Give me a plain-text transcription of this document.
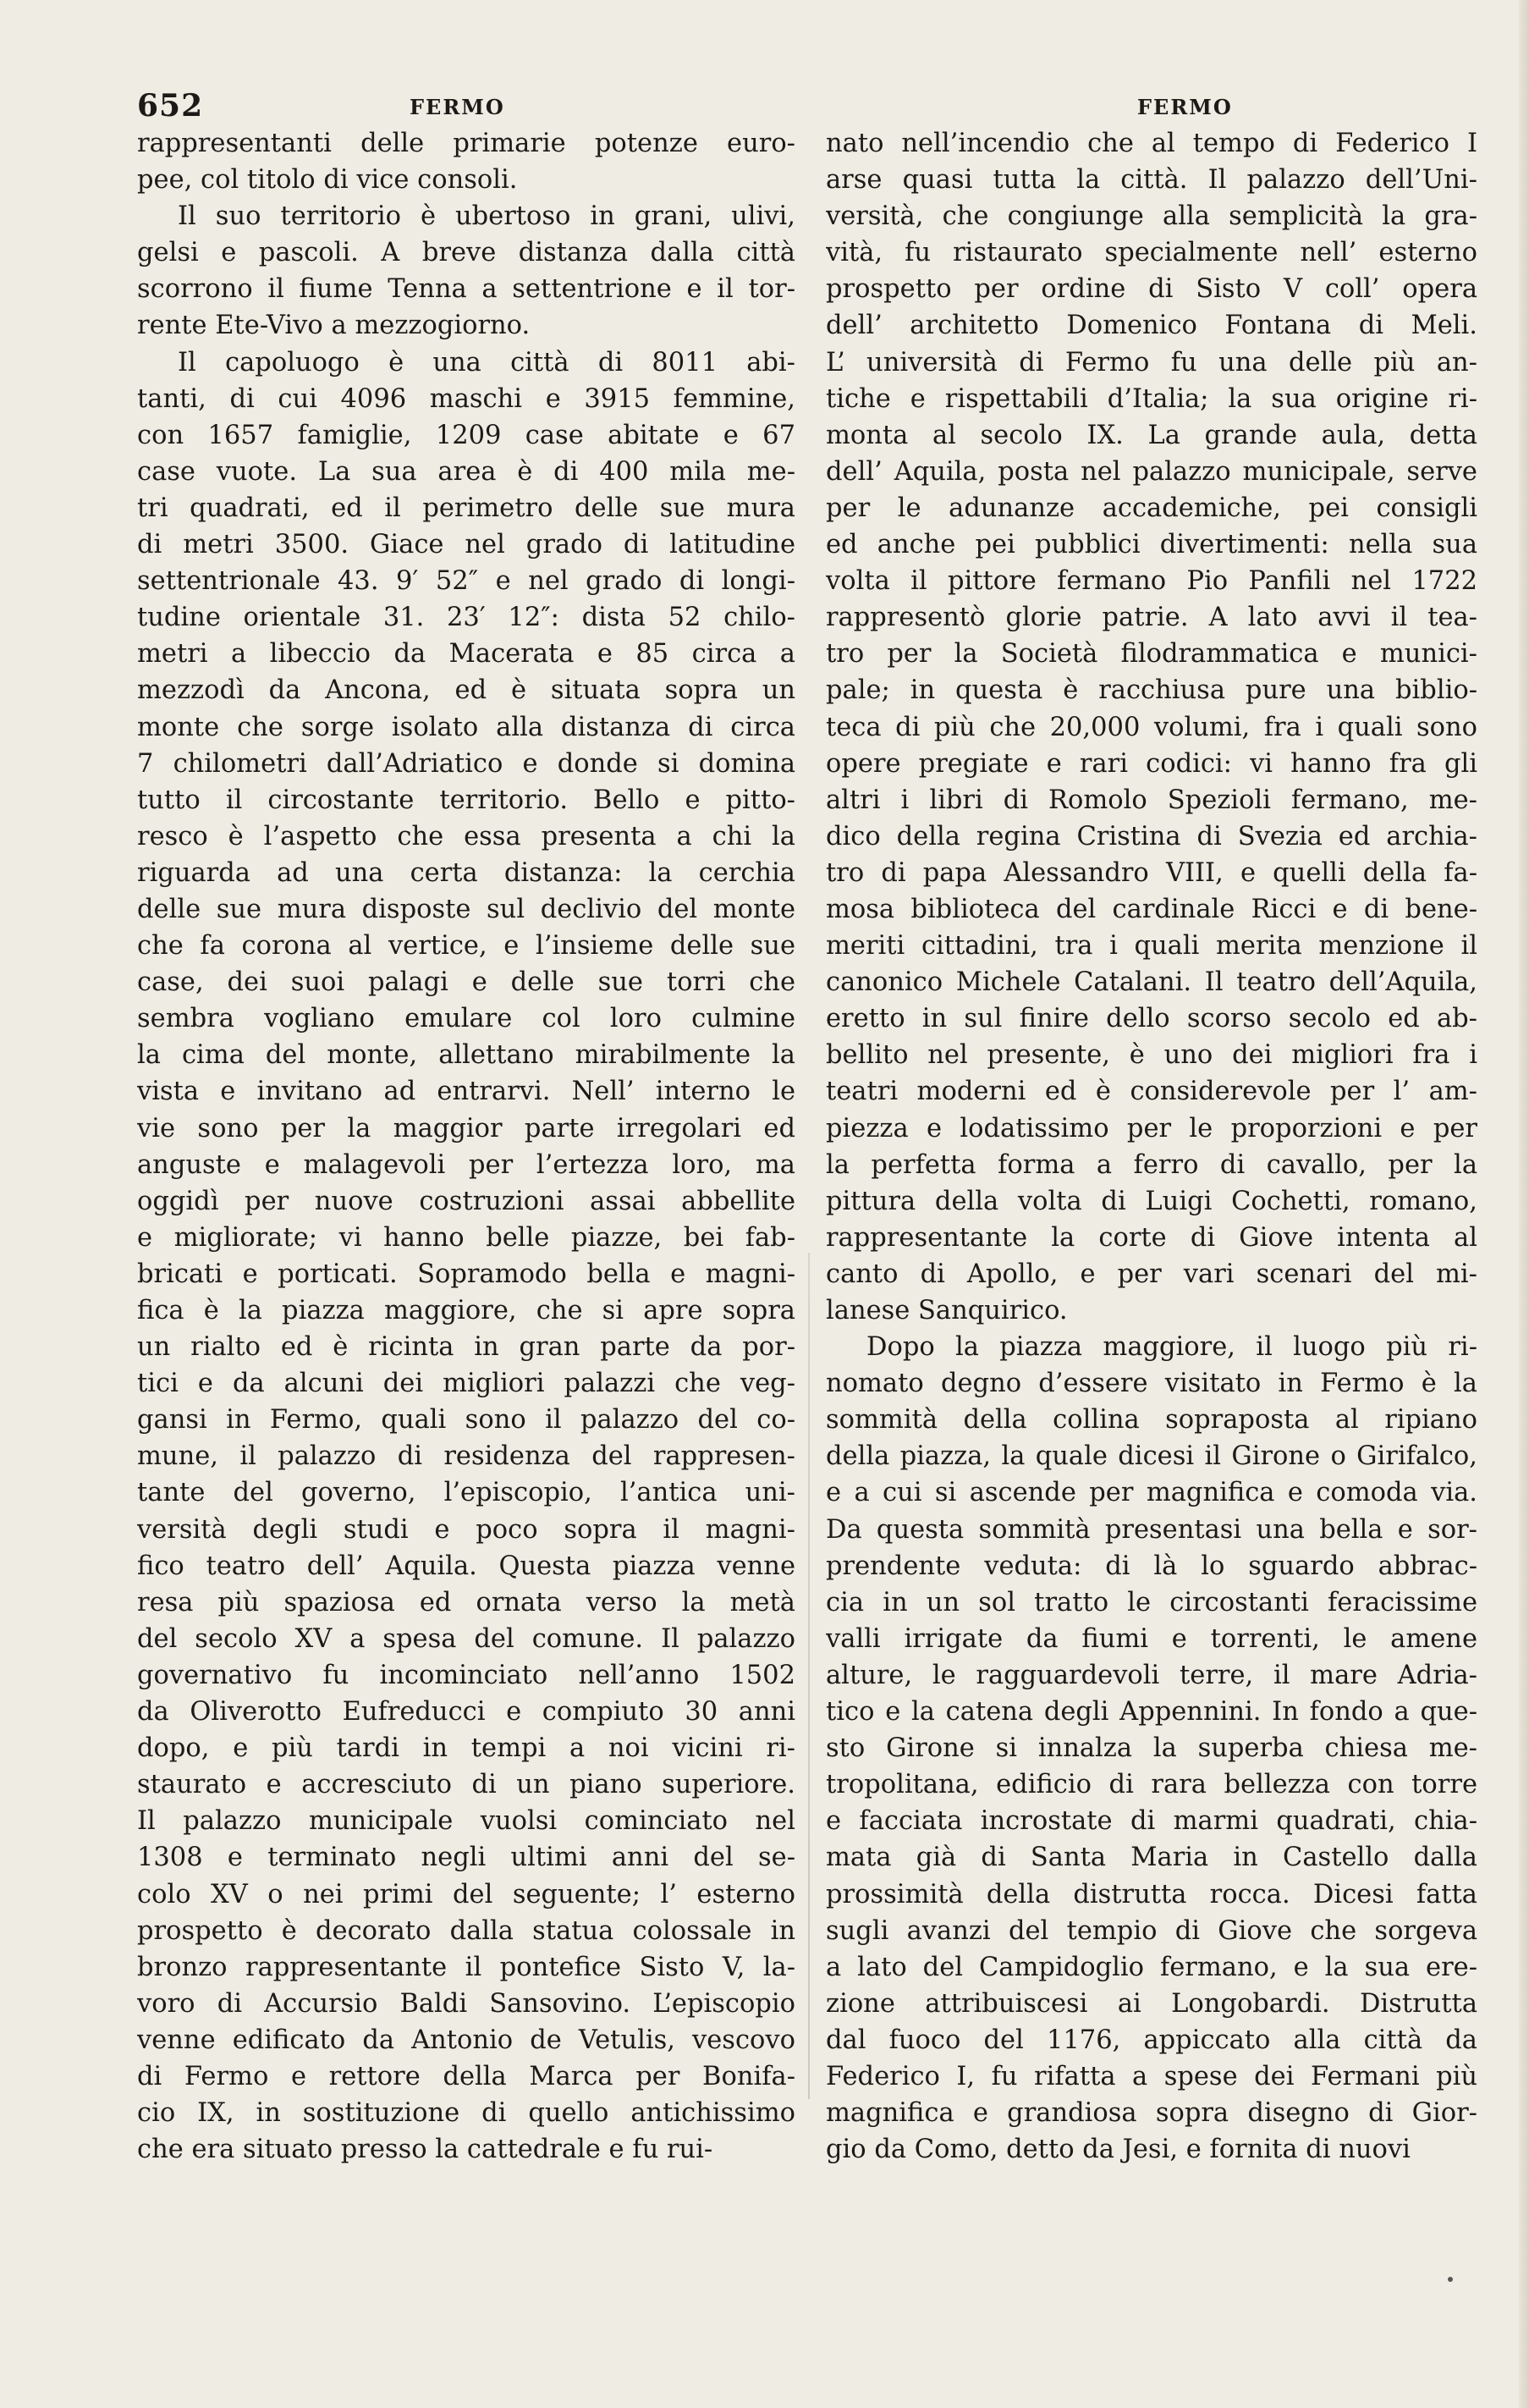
652	FERMO	FERMO
rappresentanti delle primarie potenze euro-
pee, col titolo di vice consoli.
Il suo territorio è ubertoso in grani, ulivi,
gelsi e pascoli. A breve distanza dalla città
scorrono il fiume Tenna a settentrione e il tor-
rente Ete-Vivo a mezzogiorno.
Il capoluogo è una città di 8011 abi-
tanti, di cui 4096 maschi e 3915 femmine,
con 1657 famiglie, 1209 case abitate e 67
case vuote. La sua area è di 400 mila me-
tri quadrati, ed il perimetro delle sue mura
di metri 3500. Giace nel grado di latitudine
settentrionale 43. 9′ 52″ e nel grado di longi-
tudine orientale 31. 23′ 12″: dista 52 chilo-
metri a libeccio da Macerata e 85 circa a
mezzodì da Ancona, ed è situata sopra un
monte che sorge isolato alla distanza di circa
7 chilometri dall’Adriatico e donde si domina
tutto il circostante territorio. Bello e pitto-
resco è l’aspetto che essa presenta a chi la
riguarda ad una certa distanza: la cerchia
delle sue mura disposte sul declivio del monte
che fa corona al vertice, e l’insieme delle sue
case, dei suoi palagi e delle sue torri che
sembra vogliano emulare col loro culmine
la cima del monte, allettano mirabilmente la
vista e invitano ad entrarvi. Nell’ interno le
vie sono per la maggior parte irregolari ed
anguste e malagevoli per l’ertezza loro, ma
oggidì per nuove costruzioni assai abbellite
e migliorate; vi hanno belle piazze, bei fab-
bricati e porticati. Sopramodo bella e magni-
fica è la piazza maggiore, che si apre sopra
un rialto ed è ricinta in gran parte da por-
tici e da alcuni dei migliori palazzi che veg-
gansi in Fermo, quali sono il palazzo del co-
mune, il palazzo di residenza del rappresen-
tante del governo, l’episcopio, l’antica uni-
versità degli studi e poco sopra il magni-
fico teatro dell’ Aquila. Questa piazza venne
resa più spaziosa ed ornata verso la metà
del secolo XV a spesa del comune. Il palazzo
governativo fu incominciato nell’anno 1502
da Oliverotto Eufreducci e compiuto 30 anni
dopo, e più tardi in tempi a noi vicini ri-
staurato e accresciuto di un piano superiore.
Il palazzo municipale vuolsi cominciato nel
1308 e terminato negli ultimi anni del se-
colo XV o nei primi del seguente; l’ esterno
prospetto è decorato dalla statua colossale in
bronzo rappresentante il pontefice Sisto V, la-
voro di Accursio Baldi Sansovino. L’episcopio
venne edificato da Antonio de Vetulis, vescovo
di Fermo e rettore della Marca per Bonifa-
cio IX, in sostituzione di quello antichissimo
che era situato presso la cattedrale e fu rui-
nato nell’incendio che al tempo di Federico I
arse quasi tutta la città. Il palazzo dell’Uni-
versità, che congiunge alla semplicità la gra-
vità, fu ristaurato specialmente nell’ esterno
prospetto per ordine di Sisto V coll’ opera
dell’ architetto Domenico Fontana di Meli.
L’ università di Fermo fu una delle più an-
tiche e rispettabili d’Italia; la sua origine ri-
monta al secolo IX. La grande aula, detta
dell’ Aquila, posta nel palazzo municipale, serve
per le adunanze accademiche, pei consigli
ed anche pei pubblici divertimenti: nella sua
volta il pittore fermano Pio Panfili nel 1722
rappresentò glorie patrie. A lato avvi il tea-
tro per la Società filodrammatica e munici-
pale; in questa è racchiusa pure una biblio-
teca di più che 20,000 volumi, fra i quali sono
opere pregiate e rari codici: vi hanno fra gli
altri i libri di Romolo Spezioli fermano, me-
dico della regina Cristina di Svezia ed archia-
tro di papa Alessandro VIII, e quelli della fa-
mosa biblioteca del cardinale Ricci e di bene-
meriti cittadini, tra i quali merita menzione il
canonico Michele Catalani. Il teatro dell’Aquila,
eretto in sul finire dello scorso secolo ed ab-
bellito nel presente, è uno dei migliori fra i
teatri moderni ed è considerevole per l’ am-
piezza e lodatissimo per le proporzioni e per
la perfetta forma a ferro di cavallo, per la
pittura della volta di Luigi Cochetti, romano,
rappresentante la corte di Giove intenta al
canto di Apollo, e per vari scenari del mi-
lanese Sanquirico.
Dopo la piazza maggiore, il luogo più ri-
nomato degno d’essere visitato in Fermo è la
sommità della collina sopraposta al ripiano
della piazza, la quale dicesi il Girone o Girifalco,
e a cui si ascende per magnifica e comoda via.
Da questa sommità presentasi una bella e sor-
prendente veduta: di là lo sguardo abbrac-
cia in un sol tratto le circostanti feracissime
valli irrigate da fiumi e torrenti, le amene
alture, le ragguardevoli terre, il mare Adria-
tico e la catena degli Appennini. In fondo a que-
sto Girone si innalza la superba chiesa me-
tropolitana, edificio di rara bellezza con torre
e facciata incrostate di marmi quadrati, chia-
mata già di Santa Maria in Castello dalla
prossimità della distrutta rocca. Dicesi fatta
sugli avanzi del tempio di Giove che sorgeva
a lato del Campidoglio fermano, e la sua ere-
zione attribuiscesi ai Longobardi. Distrutta
dal fuoco del 1176, appiccato alla città da
Federico I, fu rifatta a spese dei Fermani più
magnifica e grandiosa sopra disegno di Gior-
gio da Como, detto da Jesi, e fornita di nuovi
